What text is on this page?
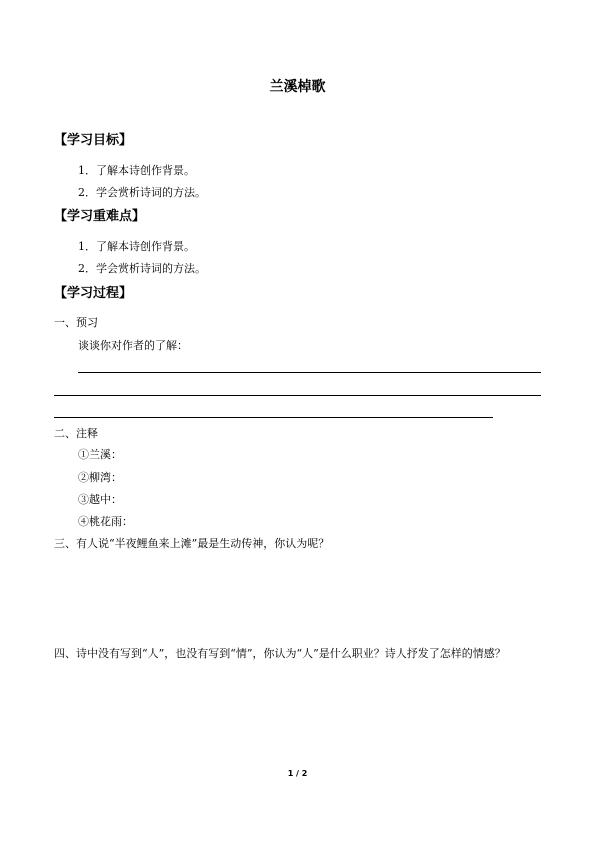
兰溪棹歌
【学习目标】
1．了解本诗创作背景。
2．学会赏析诗词的方法。
【学习重难点】
1．了解本诗创作背景。
2．学会赏析诗词的方法。
【学习过程】
一、预习
谈谈你对作者的了解：
二、注释
①兰溪：
②柳湾：
③越中：
④桃花雨：
三、有人说“半夜鲤鱼来上滩”最是生动传神，你认为呢？
四、诗中没有写到“人”，也没有写到“情”，你认为“人”是什么职业？诗人抒发了怎样的情感？
1 / 2
